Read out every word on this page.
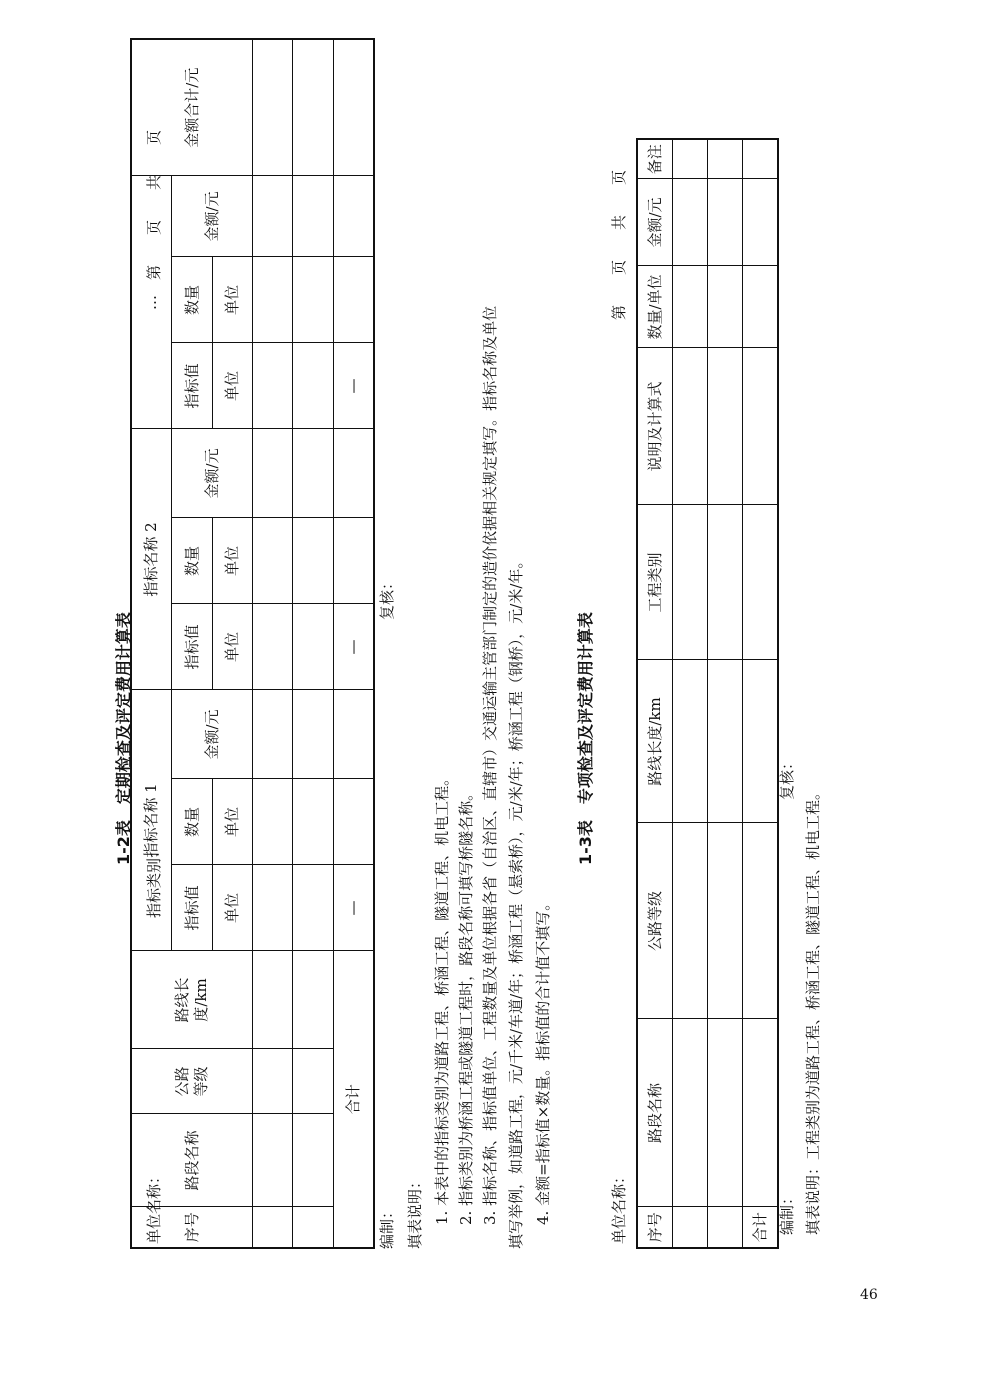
1-2表　定期检查及评定费用计算表
单位名称：
指标类别：
第　　页　　共　　页
序号	路段名称	公路等级	路线长度/km	指标名称 1			指标名称 2			…			金额合计/元
				指标值	数量	金额/元	指标值	数量	金额/元	指标值	数量	金额/元	
				单位	单位		单位	单位		单位	单位		

合计				—			—			—			
编制：
复核：
填表说明： 1. 本表中的指标类别为道路工程、桥涵工程、隧道工程、机电工程。 2. 指标类别为桥涵工程或隧道工程时，路段名称可填写桥隧名称。 3. 指标名称、指标值单位、工程数量及单位根据各省（自治区、直辖市）交通运输主管部门制定的造价依据相关规定填写。指标名称及单位 填写举例，如道路工程，元/千米/车道/年；桥涵工程（悬索桥），元/米/年；桥涵工程（钢桥），元/米/年。 4. 金额=指标值×数量。指标值的合计值不填写。
1-3表　专项检查及评定费用计算表
单位名称：
第　　页　　共　　页
序号	路段名称	公路等级	路线长度/km	工程类别	说明及计算式	数量/单位	金额/元	备注

合计								编制：
复核：
填表说明：工程类别为道路工程、桥涵工程、隧道工程、机电工程。
46
